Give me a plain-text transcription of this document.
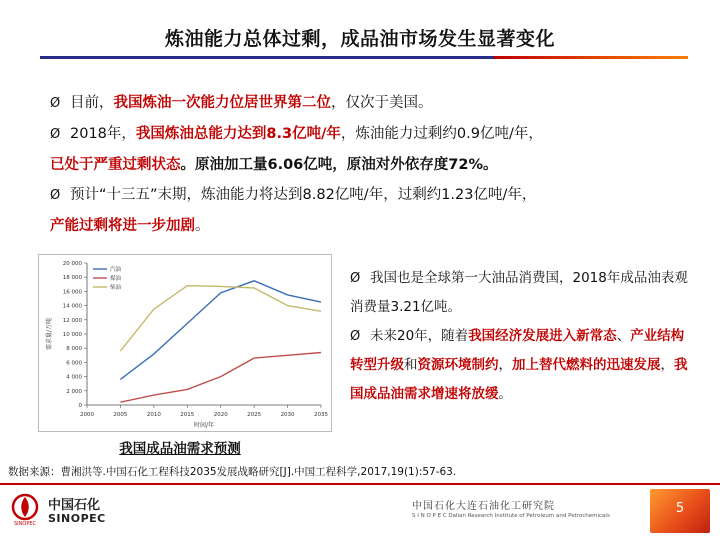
炼油能力总体过剩，成品油市场发生显著变化
Ø 目前，我国炼油一次能力位居世界第二位，仅次于美国。
Ø 2018年，我国炼油总能力达到8.3亿吨/年，炼油能力过剩约0.9亿吨/年，
已处于严重过剩状态。原油加工量6.06亿吨，原油对外依存度72%。
Ø 预计“十三五”末期，炼油能力将达到8.82亿吨/年，过剩约1.23亿吨/年，
产能过剩将进一步加剧。
0
2 000
4 000
6 000
8 000
10 000
12 000
14 000
16 000
18 000
20 000
2000	2005	2010	2015	2020	2025	2030	2035
时间/年
需求量/万吨
汽油
煤油
柴油
我国成品油需求预测
Ø 我国也是全球第一大油品消费国，2018年成品油表观消费量3.21亿吨。
Ø 未来20年，随着我国经济发展进入新常态、产业结构转型升级和资源环境制约，加上替代燃料的迅速发展，我国成品油需求增速将放缓。
数据来源：曹湘洪等.中国石化工程科技2035发展战略研究[J].中国工程科学,2017,19(1):57-63.
SINOPEC
中国石化
SINOPEC
中国石化大连石油化工研究院
S I N O P E C Dalian Research Institute of Petroleum and Petrochemicals	5
